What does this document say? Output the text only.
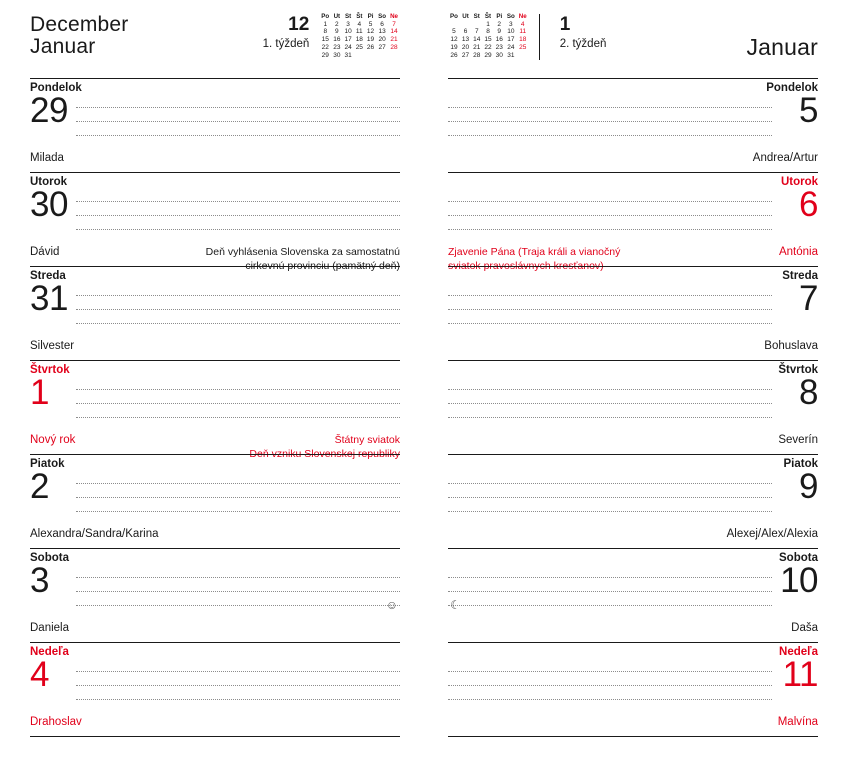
December
Januar
12
1. týždeň
Po	Ut	St	Št	Pi	So	Ne
1	2	3	4	5	6	7
8	9	10	11	12	13	14
15	16	17	18	19	20	21
22	23	24	25	26	27	28
29	30	31				
Pondelok
29
Milada
Utorok
30
Deň vyhlásenia Slovenska za samostatnú
cirkevnú provinciu (pamätný deň)
Dávid
Streda
31
Silvester
Štvrtok
1
Štátny sviatok
Deň vzniku Slovenskej republiky
Nový rok
Piatok
2
Alexandra/Sandra/Karina
Sobota
3
☺
Daniela
Nedeľa
4
Drahoslav
Po	Ut	St	Št	Pi	So	Ne
			1	2	3	4
5	6	7	8	9	10	11
12	13	14	15	16	17	18
19	20	21	22	23	24	25
26	27	28	29	30	31	
1
2. týždeň	Januar
Pondelok
5
Andrea/Artur
Utorok
6
Zjavenie Pána (Traja králi a vianočný
sviatok pravoslávnych kresťanov)
Antónia
Streda
7
Bohuslava
Štvrtok
8
Severín
Piatok
9
Alexej/Alex/Alexia
Sobota
10
☾
Daša
Nedeľa
11
Malvína
